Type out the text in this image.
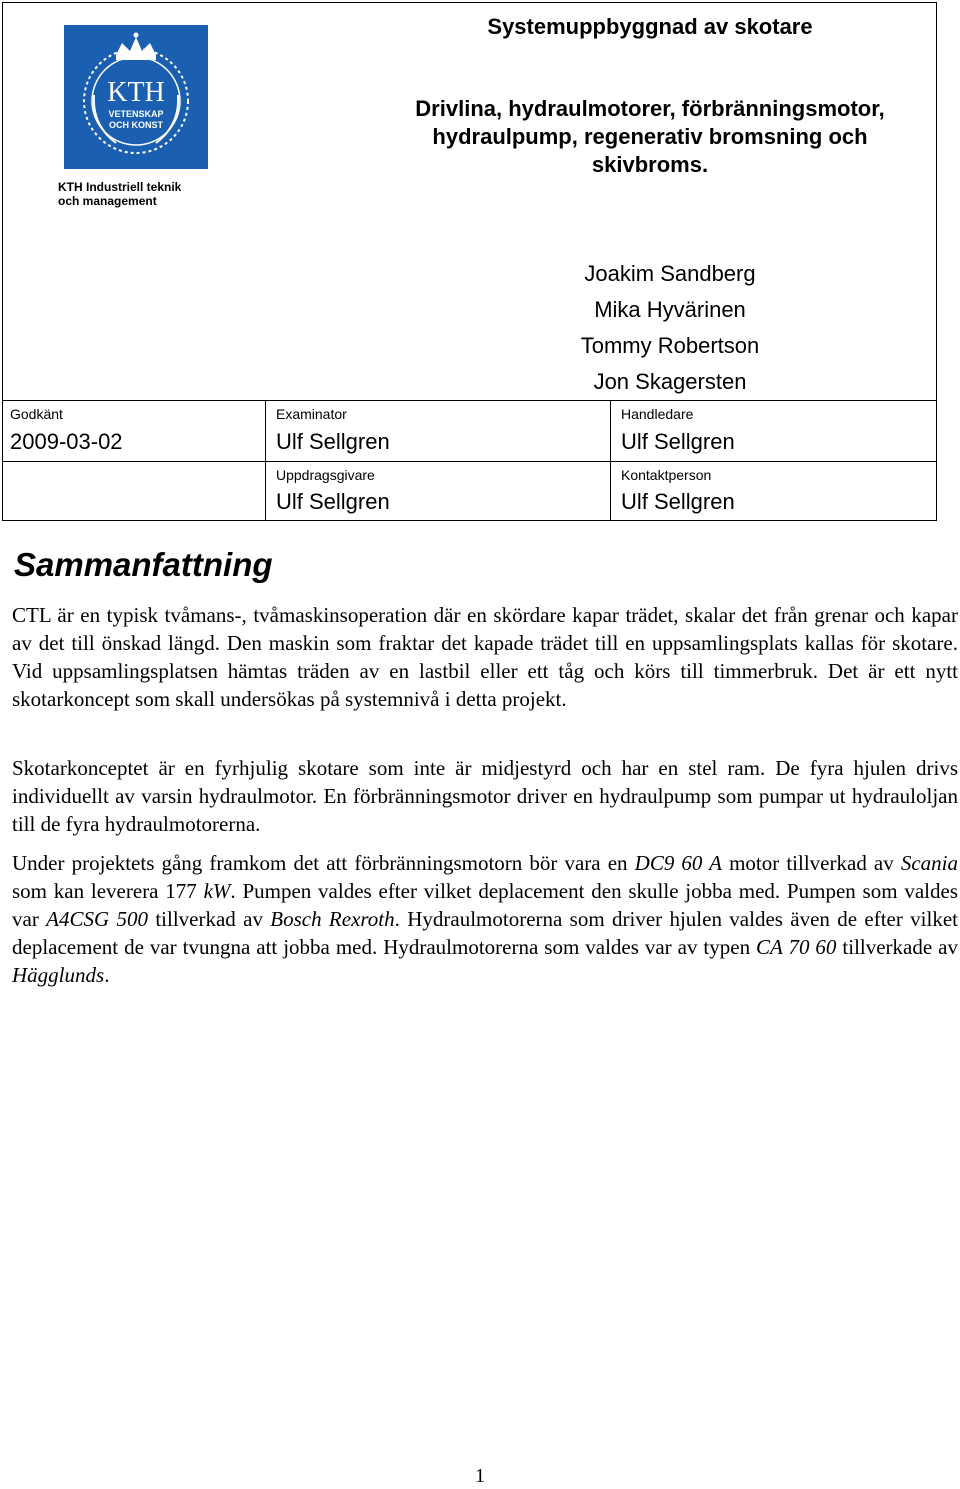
KTH
VETENSKAP
OCH KONST
KTH Industriell teknik
och management
Systemuppbyggnad av skotare
Drivlina, hydraulmotorer, förbränningsmotor, hydraulpump, regenerativ bromsning och skivbroms.
Joakim Sandberg
Mika Hyvärinen
Tommy Robertson
Jon Skagersten
Godkänt
2009-03-02
Examinator
Ulf Sellgren
Handledare
Ulf Sellgren
Uppdragsgivare
Ulf Sellgren
Kontaktperson
Ulf Sellgren
Sammanfattning
CTL är en typisk tvåmans-, tvåmaskinsoperation där en skördare kapar trädet, skalar det från grenar och kapar av det till önskad längd. Den maskin som fraktar det kapade trädet till en uppsamlingsplats kallas för skotare. Vid uppsamlingsplatsen hämtas träden av en lastbil eller ett tåg och körs till timmerbruk. Det är ett nytt skotarkoncept som skall undersökas på systemnivå i detta projekt.
Skotarkonceptet är en fyrhjulig skotare som inte är midjestyrd och har en stel ram. De fyra hjulen drivs individuellt av varsin hydraulmotor. En förbränningsmotor driver en hydraulpump som pumpar ut hydrauloljan till de fyra hydraulmotorerna.
Under projektets gång framkom det att förbränningsmotorn bör vara en DC9 60 A motor tillverkad av Scania som kan leverera 177 kW. Pumpen valdes efter vilket deplacement den skulle jobba med. Pumpen som valdes var A4CSG 500 tillverkad av Bosch Rexroth. Hydraulmotorerna som driver hjulen valdes även de efter vilket deplacement de var tvungna att jobba med. Hydraulmotorerna som valdes var av typen CA 70 60 tillverkade av Hägglunds.
1
